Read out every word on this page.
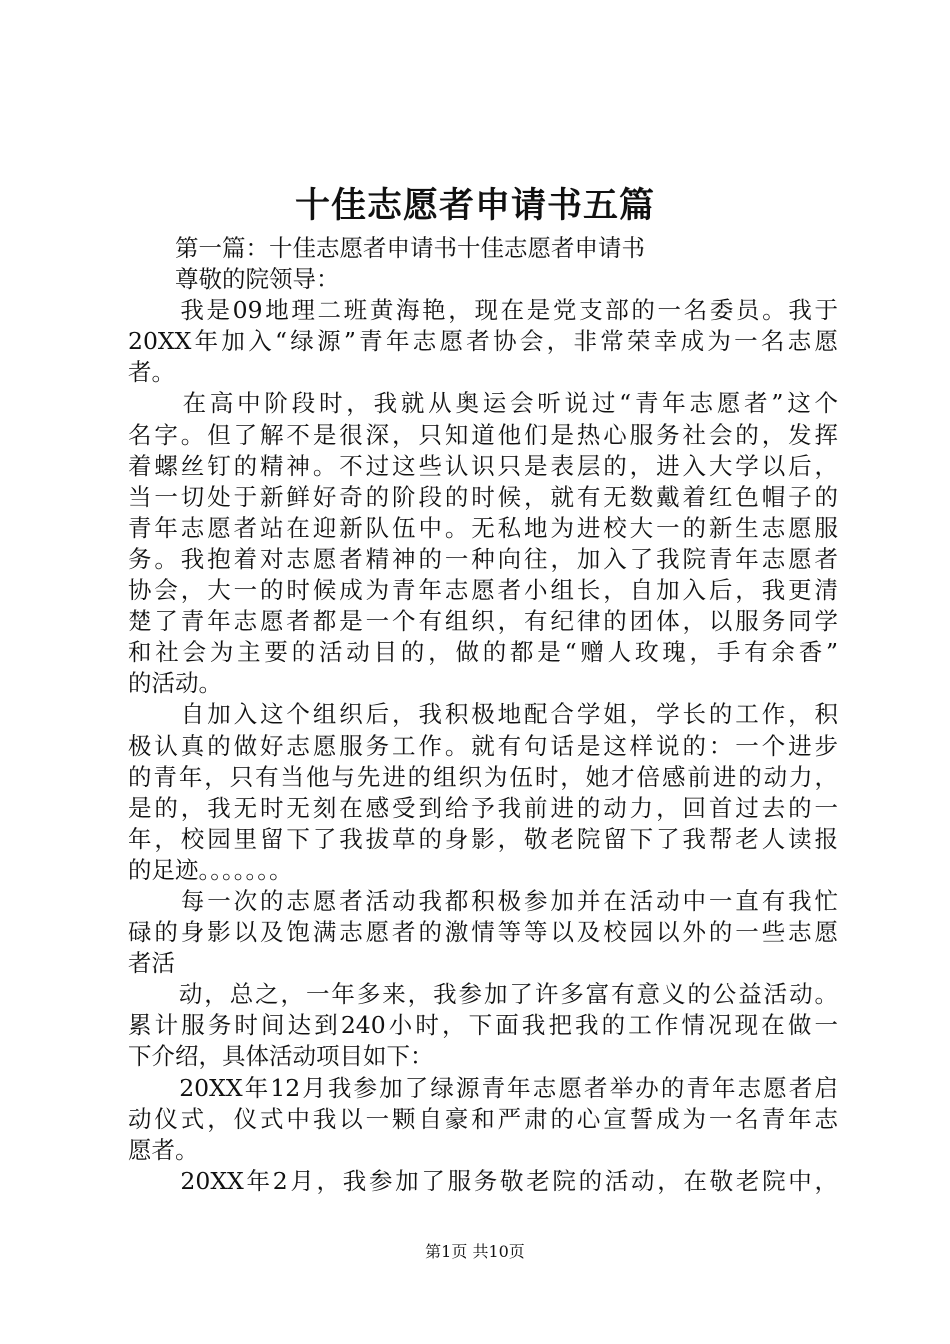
十佳志愿者申请书五篇
　　第一篇：十佳志愿者申请书十佳志愿者申请书
　　尊敬的院领导：
　　我是09地理二班黄海艳，现在是党支部的一名委员。我于
20XX年加入“绿源”青年志愿者协会，非常荣幸成为一名志愿
者。
　　在高中阶段时，我就从奥运会听说过“青年志愿者”这个
名字。但了解不是很深，只知道他们是热心服务社会的，发挥
着螺丝钉的精神。不过这些认识只是表层的，进入大学以后，
当一切处于新鲜好奇的阶段的时候，就有无数戴着红色帽子的
青年志愿者站在迎新队伍中。无私地为进校大一的新生志愿服
务。我抱着对志愿者精神的一种向往，加入了我院青年志愿者
协会，大一的时候成为青年志愿者小组长，自加入后，我更清
楚了青年志愿者都是一个有组织，有纪律的团体，以服务同学
和社会为主要的活动目的，做的都是“赠人玫瑰，手有余香”
的活动。
　　自加入这个组织后，我积极地配合学姐，学长的工作，积
极认真的做好志愿服务工作。就有句话是这样说的：一个进步
的青年，只有当他与先进的组织为伍时，她才倍感前进的动力，
是的，我无时无刻在感受到给予我前进的动力，回首过去的一
年，校园里留下了我拔草的身影，敬老院留下了我帮老人读报
的足迹。。。。。。。
　　每一次的志愿者活动我都积极参加并在活动中一直有我忙
碌的身影以及饱满志愿者的激情等等以及校园以外的一些志愿
者活
　　动，总之，一年多来，我参加了许多富有意义的公益活动。
累计服务时间达到240小时，下面我把我的工作情况现在做一
下介绍，具体活动项目如下：
　　20XX年12月我参加了绿源青年志愿者举办的青年志愿者启
动仪式，仪式中我以一颗自豪和严肃的心宣誓成为一名青年志
愿者。
　　20XX年2月，我参加了服务敬老院的活动，在敬老院中，
第1页 共10页
